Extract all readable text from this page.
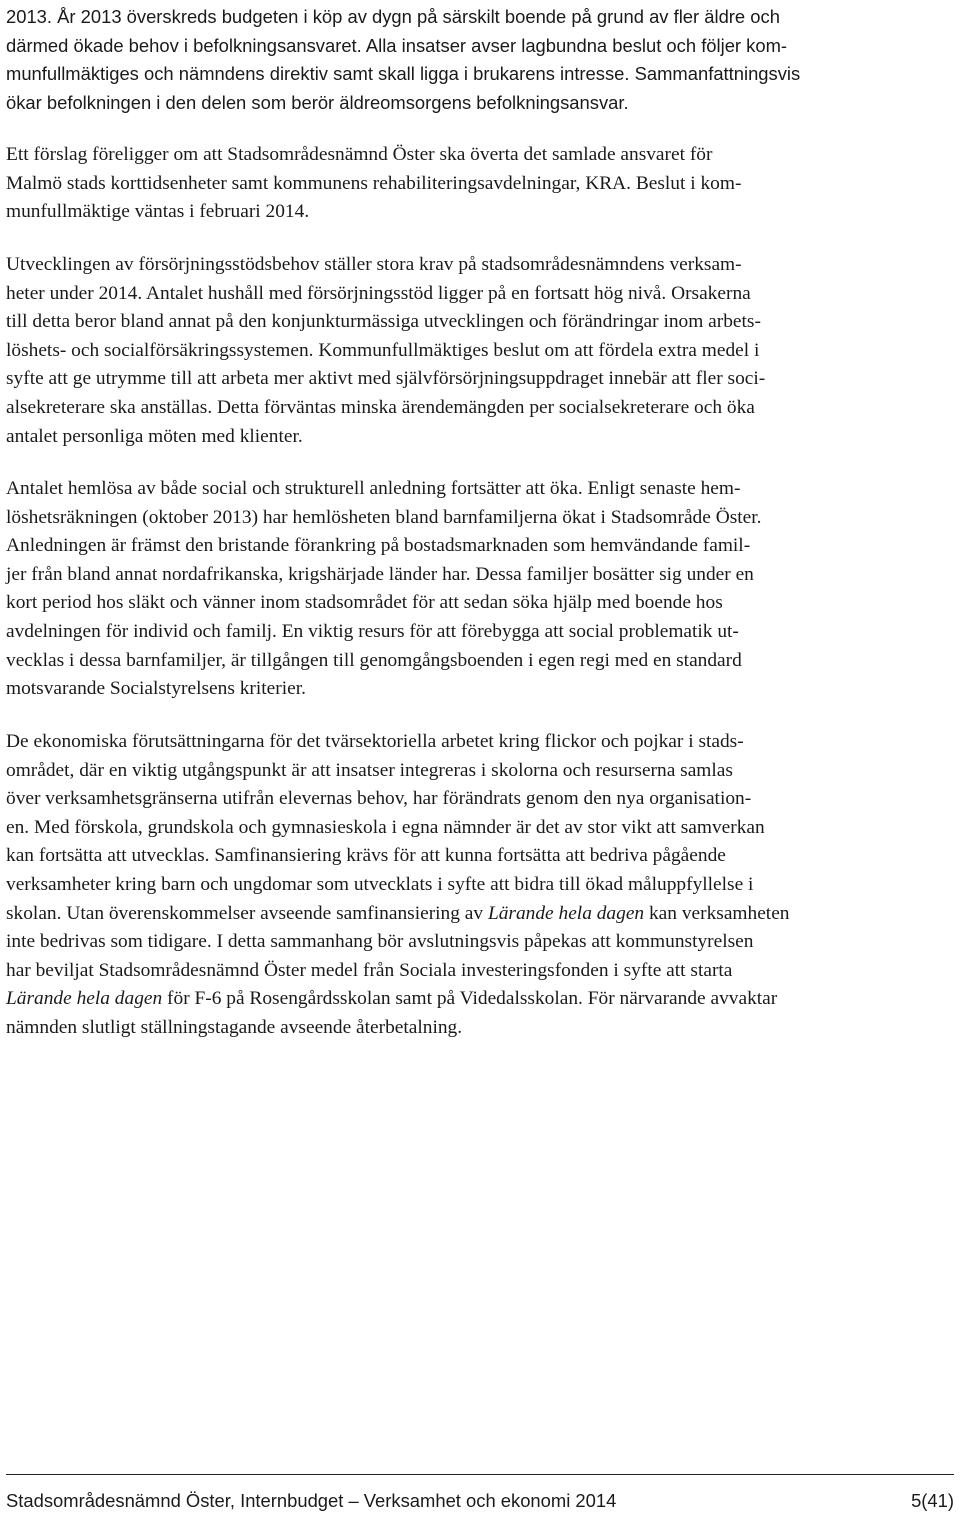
2013. År 2013 överskreds budgeten i köp av dygn på särskilt boende på grund av fler äldre och
därmed ökade behov i befolkningsansvaret. Alla insatser avser lagbundna beslut och följer kom-
munfullmäktiges och nämndens direktiv samt skall ligga i brukarens intresse. Sammanfattningsvis
ökar befolkningen i den delen som berör äldreomsorgens befolkningsansvar.

Ett förslag föreligger om att Stadsområdesnämnd Öster ska överta det samlade ansvaret för
Malmö stads korttidsenheter samt kommunens rehabiliteringsavdelningar, KRA. Beslut i kom-
munfullmäktige väntas i februari 2014.

Utvecklingen av försörjningsstödsbehov ställer stora krav på stadsområdesnämndens verksam-
heter under 2014. Antalet hushåll med försörjningsstöd ligger på en fortsatt hög nivå. Orsakerna
till detta beror bland annat på den konjunkturmässiga utvecklingen och förändringar inom arbets-
löshets- och socialförsäkringssystemen. Kommunfullmäktiges beslut om att fördela extra medel i
syfte att ge utrymme till att arbeta mer aktivt med självförsörjningsuppdraget innebär att fler soci-
alsekreterare ska anställas. Detta förväntas minska ärendemängden per socialsekreterare och öka
antalet personliga möten med klienter.

Antalet hemlösa av både social och strukturell anledning fortsätter att öka. Enligt senaste hem-
löshetsräkningen (oktober 2013) har hemlösheten bland barnfamiljerna ökat i Stadsområde Öster.
Anledningen är främst den bristande förankring på bostadsmarknaden som hemvändande famil-
jer från bland annat nordafrikanska, krigshärjade länder har. Dessa familjer bosätter sig under en
kort period hos släkt och vänner inom stadsområdet för att sedan söka hjälp med boende hos
avdelningen för individ och familj. En viktig resurs för att förebygga att social problematik ut-
vecklas i dessa barnfamiljer, är tillgången till genomgångsboenden i egen regi med en standard
motsvarande Socialstyrelsens kriterier.

De ekonomiska förutsättningarna för det tvärsektoriella arbetet kring flickor och pojkar i stads-
området, där en viktig utgångspunkt är att insatser integreras i skolorna och resurserna samlas
över verksamhetsgränserna utifrån elevernas behov, har förändrats genom den nya organisation-
en. Med förskola, grundskola och gymnasieskola i egna nämnder är det av stor vikt att samverkan
kan fortsätta att utvecklas. Samfinansiering krävs för att kunna fortsätta att bedriva pågående
verksamheter kring barn och ungdomar som utvecklats i syfte att bidra till ökad måluppfyllelse i
skolan. Utan överenskommelser avseende samfinansiering av Lärande hela dagen kan verksamheten
inte bedrivas som tidigare. I detta sammanhang bör avslutningsvis påpekas att kommunstyrelsen
har beviljat Stadsområdesnämnd Öster medel från Sociala investeringsfonden i syfte att starta
Lärande hela dagen för F-6 på Rosengårdsskolan samt på Videdalsskolan. För närvarande avvaktar
nämnden slutligt ställningstagande avseende återbetalning.

Stadsområdesnämnd Öster, Internbudget – Verksamhet och ekonomi 2014	5(41)
